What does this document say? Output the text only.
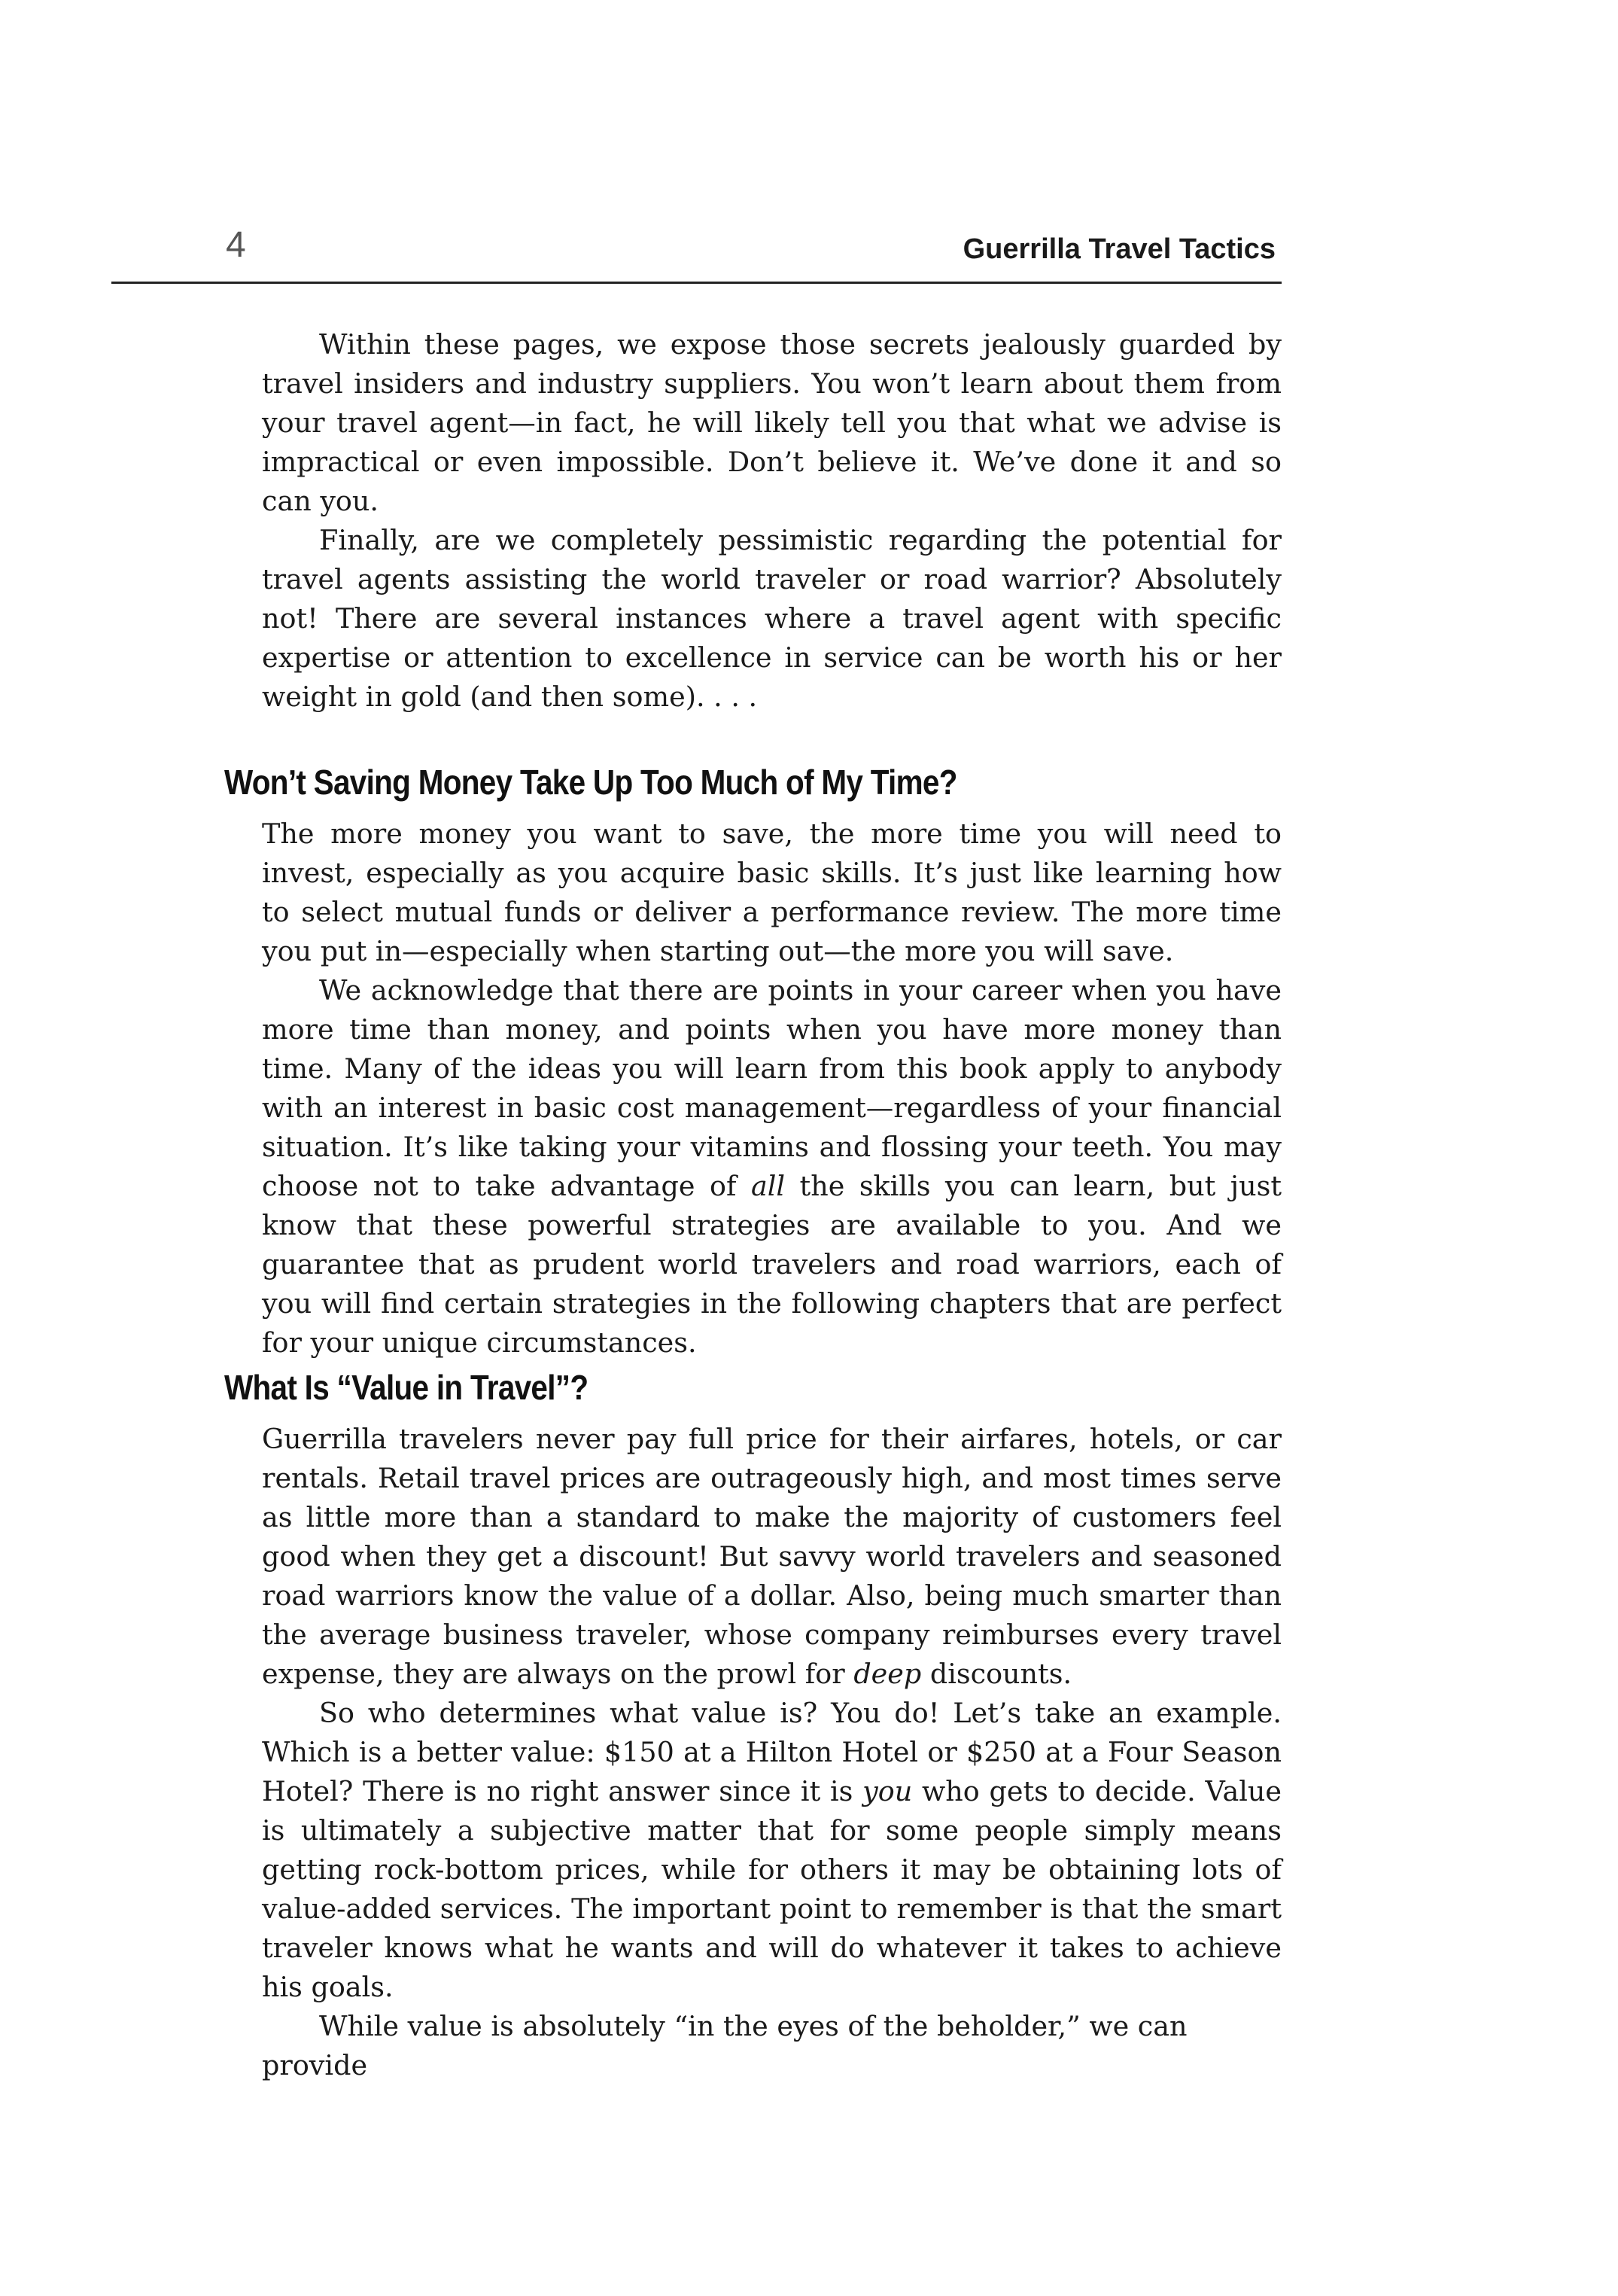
4	Guerrilla Travel Tactics

Within these pages, we expose those secrets jealously guarded by travel insiders and industry suppliers. You won’t learn about them from your travel agent—in fact, he will likely tell you that what we advise is impractical or even impossible. Don’t believe it. We’ve done it and so can you.

Finally, are we completely pessimistic regarding the potential for travel agents assisting the world traveler or road warrior? Absolutely not! There are several instances where a travel agent with specific expertise or attention to excellence in service can be worth his or her weight in gold (and then some). . . .

Won’t Saving Money Take Up Too Much of My Time?

The more money you want to save, the more time you will need to invest, especially as you acquire basic skills. It’s just like learning how to select mutual funds or deliver a performance review. The more time you put in—especially when starting out—the more you will save.

We acknowledge that there are points in your career when you have more time than money, and points when you have more money than time. Many of the ideas you will learn from this book apply to anybody with an interest in basic cost management—regardless of your financial situation. It’s like taking your vitamins and flossing your teeth. You may choose not to take advantage of all the skills you can learn, but just know that these powerful strategies are available to you. And we guarantee that as prudent world travelers and road warriors, each of you will find certain strategies in the following chapters that are perfect for your unique circumstances.

What Is “Value in Travel”?

Guerrilla travelers never pay full price for their airfares, hotels, or car rentals. Retail travel prices are outrageously high, and most times serve as little more than a standard to make the majority of customers feel good when they get a discount! But savvy world travelers and seasoned road warriors know the value of a dollar. Also, being much smarter than the average business traveler, whose company reimburses every travel expense, they are always on the prowl for deep discounts.

So who determines what value is? You do! Let’s take an example. Which is a better value: $150 at a Hilton Hotel or $250 at a Four Season Hotel? There is no right answer since it is you who gets to decide. Value is ultimately a subjective matter that for some people simply means getting rock-bottom prices, while for others it may be obtaining lots of value-added services. The important point to remember is that the smart traveler knows what he wants and will do whatever it takes to achieve his goals.

While value is absolutely “in the eyes of the beholder,” we can provide
